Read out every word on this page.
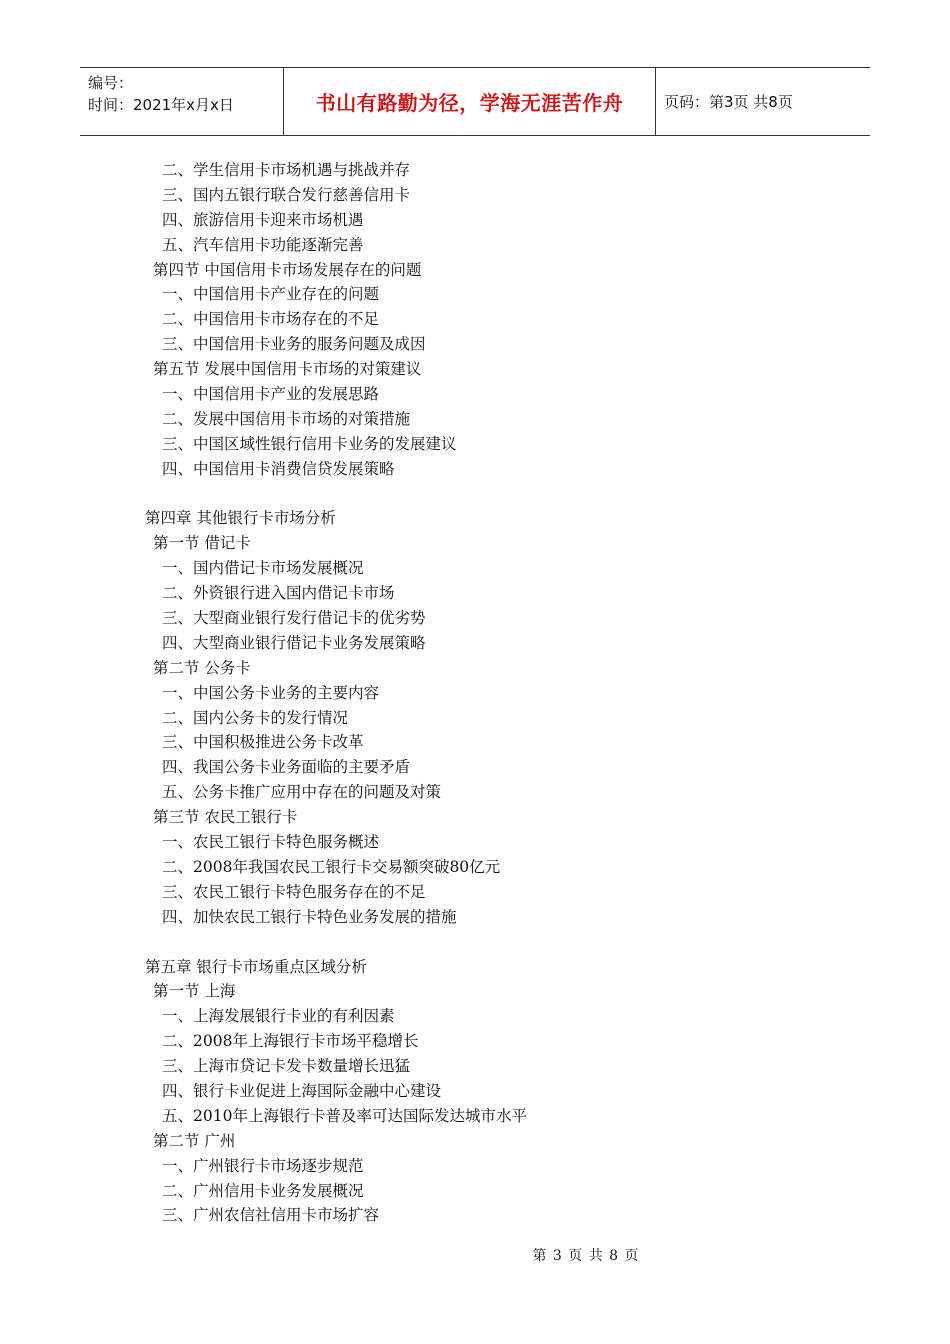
编号：
时间：2021年x月x日	书山有路勤为径，学海无涯苦作舟	页码：第3页 共8页
二、学生信用卡市场机遇与挑战并存
三、国内五银行联合发行慈善信用卡
四、旅游信用卡迎来市场机遇
五、汽车信用卡功能逐渐完善
第四节 中国信用卡市场发展存在的问题
一、中国信用卡产业存在的问题
二、中国信用卡市场存在的不足
三、中国信用卡业务的服务问题及成因
第五节 发展中国信用卡市场的对策建议
一、中国信用卡产业的发展思路
二、发展中国信用卡市场的对策措施
三、中国区域性银行信用卡业务的发展建议
四、中国信用卡消费信贷发展策略
第四章 其他银行卡市场分析
第一节 借记卡
一、国内借记卡市场发展概况
二、外资银行进入国内借记卡市场
三、大型商业银行发行借记卡的优劣势
四、大型商业银行借记卡业务发展策略
第二节 公务卡
一、中国公务卡业务的主要内容
二、国内公务卡的发行情况
三、中国积极推进公务卡改革
四、我国公务卡业务面临的主要矛盾
五、公务卡推广应用中存在的问题及对策
第三节 农民工银行卡
一、农民工银行卡特色服务概述
二、2008年我国农民工银行卡交易额突破80亿元
三、农民工银行卡特色服务存在的不足
四、加快农民工银行卡特色业务发展的措施
第五章 银行卡市场重点区域分析
第一节 上海
一、上海发展银行卡业的有利因素
二、2008年上海银行卡市场平稳增长
三、上海市贷记卡发卡数量增长迅猛
四、银行卡业促进上海国际金融中心建设
五、2010年上海银行卡普及率可达国际发达城市水平
第二节 广州
一、广州银行卡市场逐步规范
二、广州信用卡业务发展概况
三、广州农信社信用卡市场扩容
第 3 页 共 8 页
